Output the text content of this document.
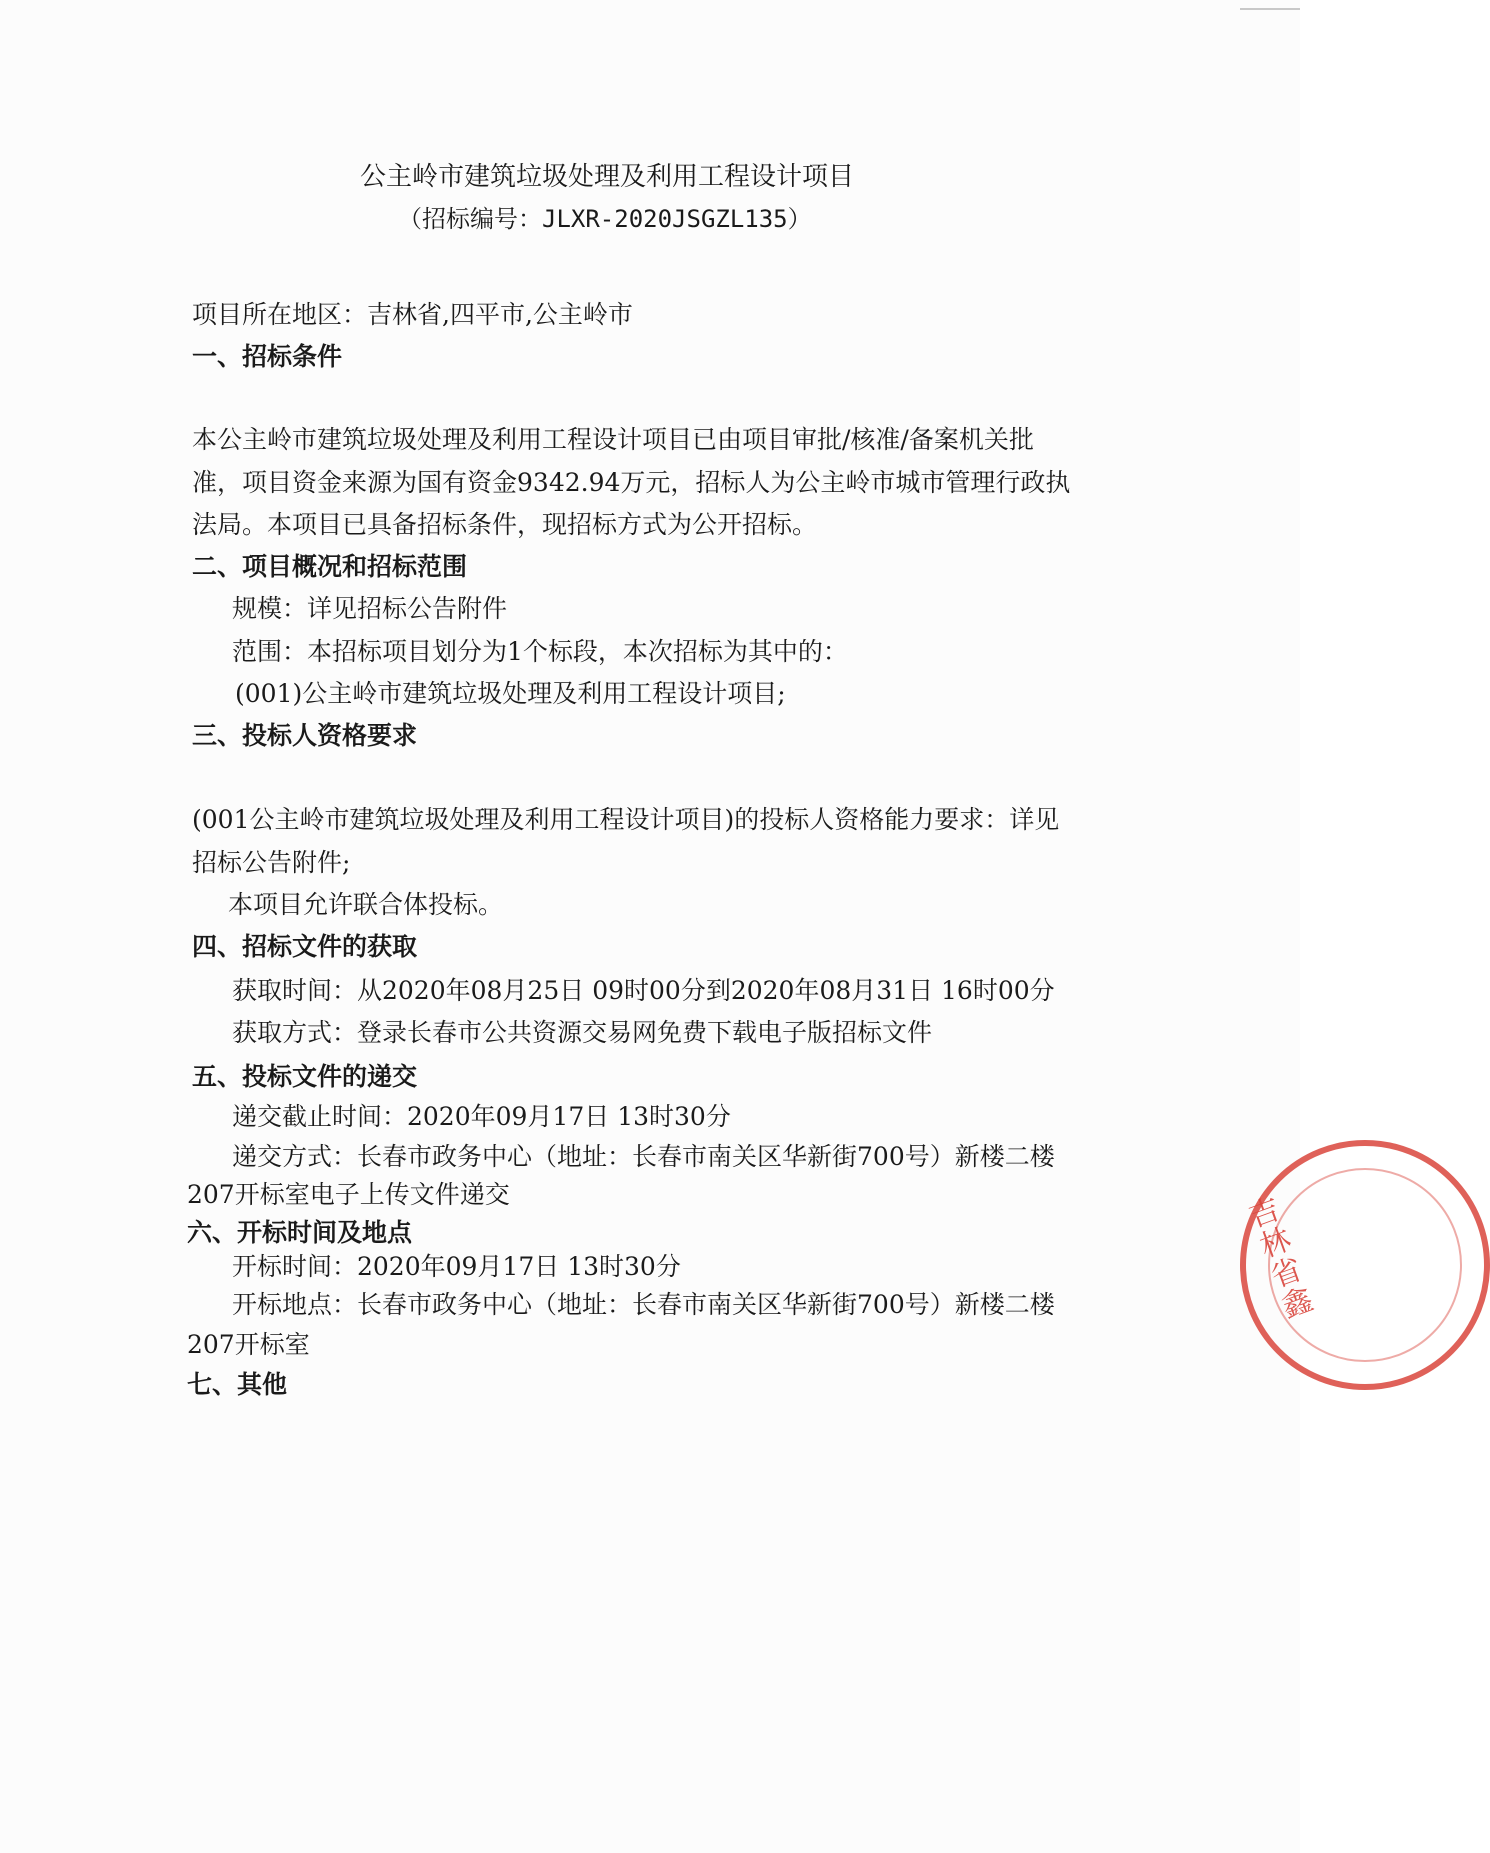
公主岭市建筑垃圾处理及利用工程设计项目
（招标编号：JLXR-2020JSGZL135）
项目所在地区：吉林省,四平市,公主岭市
一、招标条件
本公主岭市建筑垃圾处理及利用工程设计项目已由项目审批/核准/备案机关批
准，项目资金来源为国有资金9342.94万元，招标人为公主岭市城市管理行政执
法局。本项目已具备招标条件，现招标方式为公开招标。
二、项目概况和招标范围
规模：详见招标公告附件
范围：本招标项目划分为1个标段，本次招标为其中的：
(001)公主岭市建筑垃圾处理及利用工程设计项目;
三、投标人资格要求
(001公主岭市建筑垃圾处理及利用工程设计项目)的投标人资格能力要求：详见
招标公告附件;
本项目允许联合体投标。
四、招标文件的获取
获取时间：从2020年08月25日 09时00分到2020年08月31日 16时00分
获取方式：登录长春市公共资源交易网免费下载电子版招标文件
五、投标文件的递交
递交截止时间：2020年09月17日 13时30分
递交方式：长春市政务中心（地址：长春市南关区华新街700号）新楼二楼
207开标室电子上传文件递交
六、开标时间及地点
开标时间：2020年09月17日 13时30分
开标地点：长春市政务中心（地址：长春市南关区华新街700号）新楼二楼
207开标室
七、其他
吉林省鑫
